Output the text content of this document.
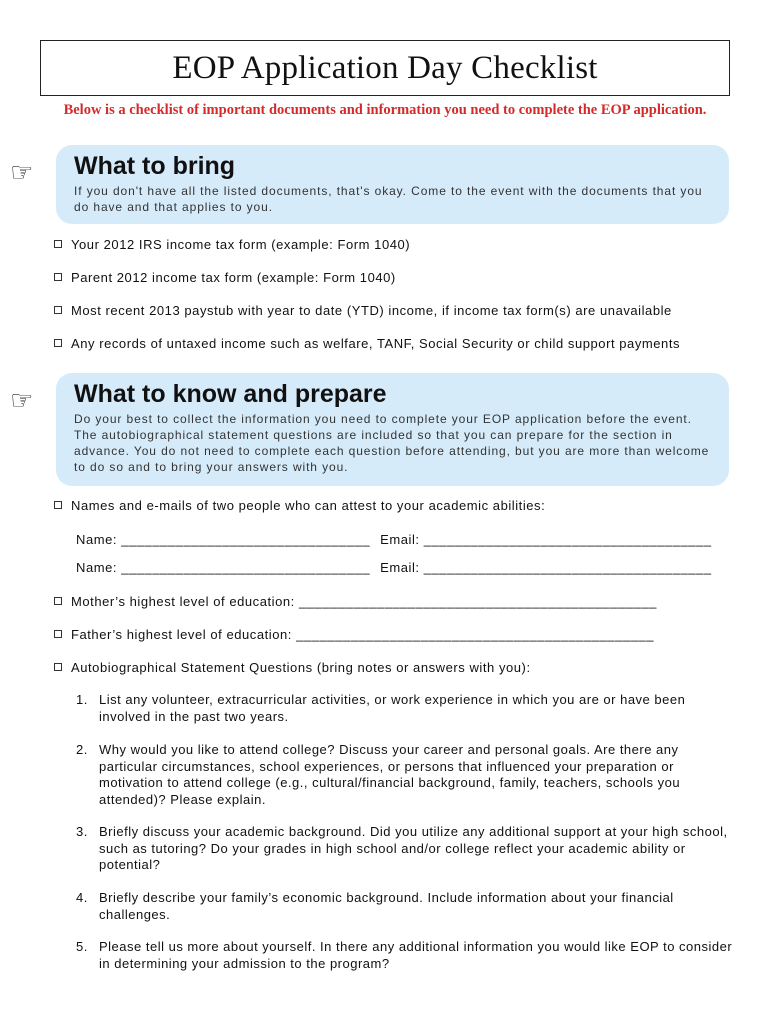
EOP Application Day Checklist
Below is a checklist of important documents and information you need to complete the EOP application.
☞ What to bring
If you don't have all the listed documents, that's okay. Come to the event with the documents that you do have and that applies to you.
Your 2012 IRS income tax form (example: Form 1040)
Parent 2012 income tax form (example: Form 1040)
Most recent 2013 paystub with year to date (YTD) income, if income tax form(s) are unavailable
Any records of untaxed income such as welfare, TANF, Social Security or child support payments
☞ What to know and prepare
Do your best to collect the information you need to complete your EOP application before the event. The autobiographical statement questions are included so that you can prepare for the section in advance. You do not need to complete each question before attending, but you are more than welcome to do so and to bring your answers with you.
Names and e-mails of two people who can attest to your academic abilities:
Name: ________________________________ Email: _____________________________________
Name: ________________________________ Email: _____________________________________
Mother’s highest level of education: ______________________________________________
Father’s highest level of education: ______________________________________________
Autobiographical Statement Questions (bring notes or answers with you):
1. List any volunteer, extracurricular activities, or work experience in which you are or have been involved in the past two years.
2. Why would you like to attend college? Discuss your career and personal goals. Are there any particular circumstances, school experiences, or persons that influenced your preparation or motivation to attend college (e.g., cultural/financial background, family, teachers, schools you attended)? Please explain.
3. Briefly discuss your academic background. Did you utilize any additional support at your high school, such as tutoring? Do your grades in high school and/or college reflect your academic ability or potential?
4. Briefly describe your family’s economic background. Include information about your financial challenges.
5. Please tell us more about yourself. In there any additional information you would like EOP to consider in determining your admission to the program?
